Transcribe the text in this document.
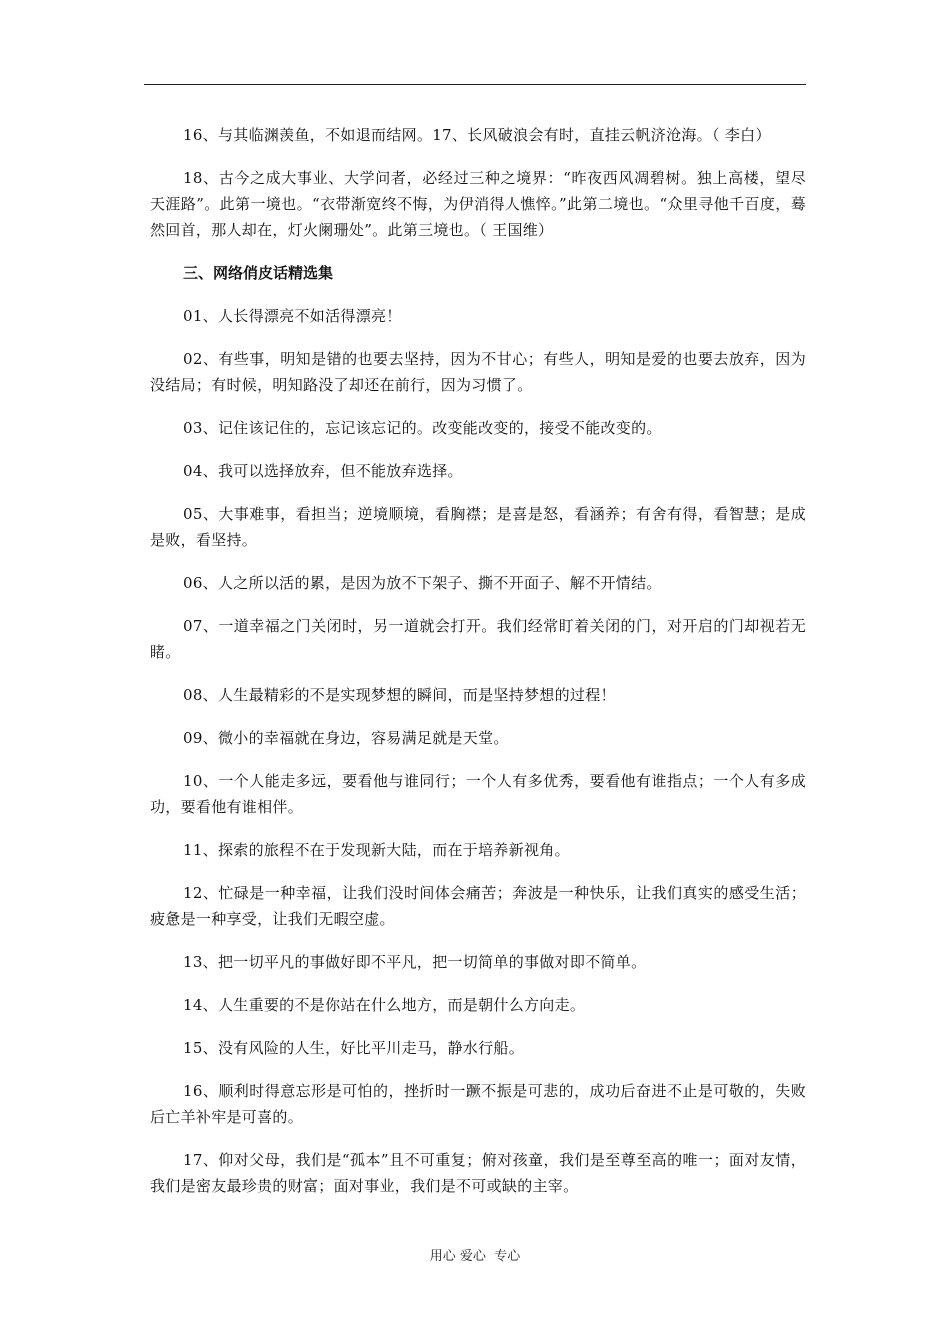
16、与其临渊羡鱼，不如退而结网。17、长风破浪会有时，直挂云帆济沧海。（ 李白）

18、古今之成大事业、大学问者，必经过三种之境界：“昨夜西风凋碧树。独上高楼，望尽天涯路”。此第一境也。“衣带渐宽终不悔，为伊消得人憔悴。”此第二境也。“众里寻他千百度，蓦然回首，那人却在，灯火阑珊处”。此第三境也。（ 王国维）

三、网络俏皮话精选集

01、人长得漂亮不如活得漂亮！

02、有些事，明知是错的也要去坚持，因为不甘心；有些人，明知是爱的也要去放弃，因为没结局；有时候，明知路没了却还在前行，因为习惯了。

03、记住该记住的，忘记该忘记的。改变能改变的，接受不能改变的。

04、我可以选择放弃，但不能放弃选择。

05、大事难事，看担当；逆境顺境，看胸襟；是喜是怒，看涵养；有舍有得，看智慧；是成是败，看坚持。

06、人之所以活的累，是因为放不下架子、撕不开面子、解不开情结。

07、一道幸福之门关闭时，另一道就会打开。我们经常盯着关闭的门，对开启的门却视若无睹。

08、人生最精彩的不是实现梦想的瞬间，而是坚持梦想的过程！

09、微小的幸福就在身边，容易满足就是天堂。

10、一个人能走多远，要看他与谁同行；一个人有多优秀，要看他有谁指点；一个人有多成功，要看他有谁相伴。

11、探索的旅程不在于发现新大陆，而在于培养新视角。

12、忙碌是一种幸福，让我们没时间体会痛苦；奔波是一种快乐，让我们真实的感受生活；疲惫是一种享受，让我们无暇空虚。

13、把一切平凡的事做好即不平凡，把一切简单的事做对即不简单。

14、人生重要的不是你站在什么地方，而是朝什么方向走。

15、没有风险的人生，好比平川走马，静水行船。

16、顺利时得意忘形是可怕的，挫折时一蹶不振是可悲的，成功后奋进不止是可敬的，失败后亡羊补牢是可喜的。

17、仰对父母，我们是“孤本”且不可重复；俯对孩童，我们是至尊至高的唯一；面对友情，我们是密友最珍贵的财富；面对事业，我们是不可或缺的主宰。

用心 爱心  专心
